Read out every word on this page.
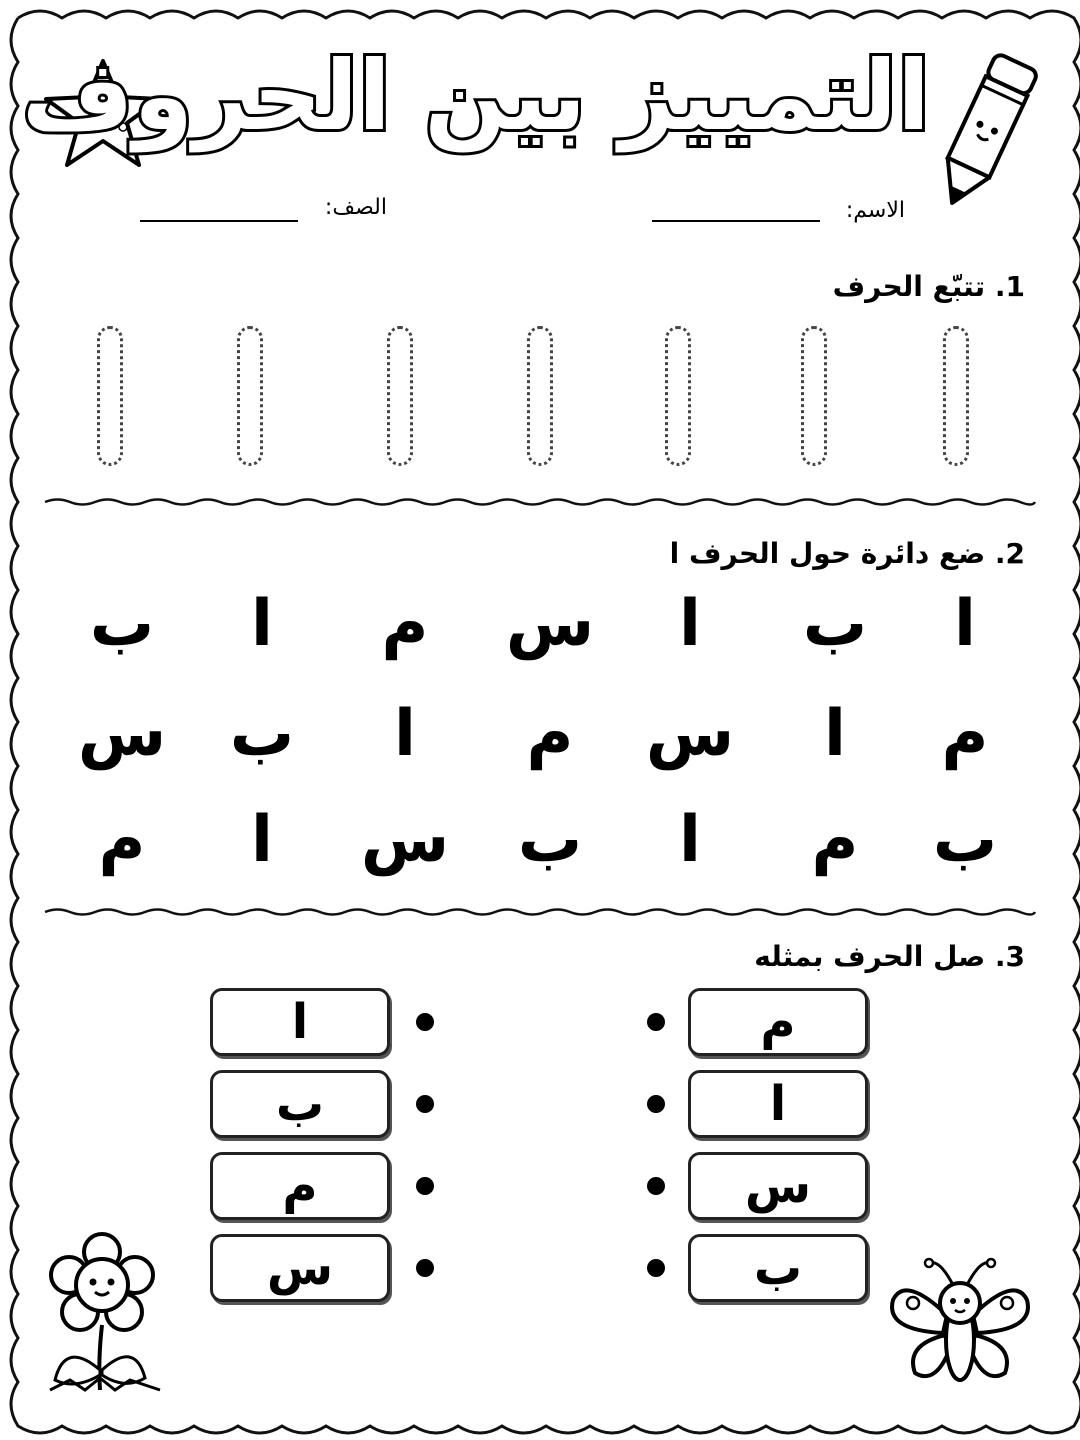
التمييز بين الحروف
الاسم:
الصف:
1. تتبّع الحرف
2. ضع دائرة حول الحرف ا
ا
ب
ا
س
م
ا
ب
م
ا
س
م
ا
ب
س
ب
م
ا
ب
س
ا
م
3. صل الحرف بمثله
م
ا
س
ب
ا
ب
م
س
